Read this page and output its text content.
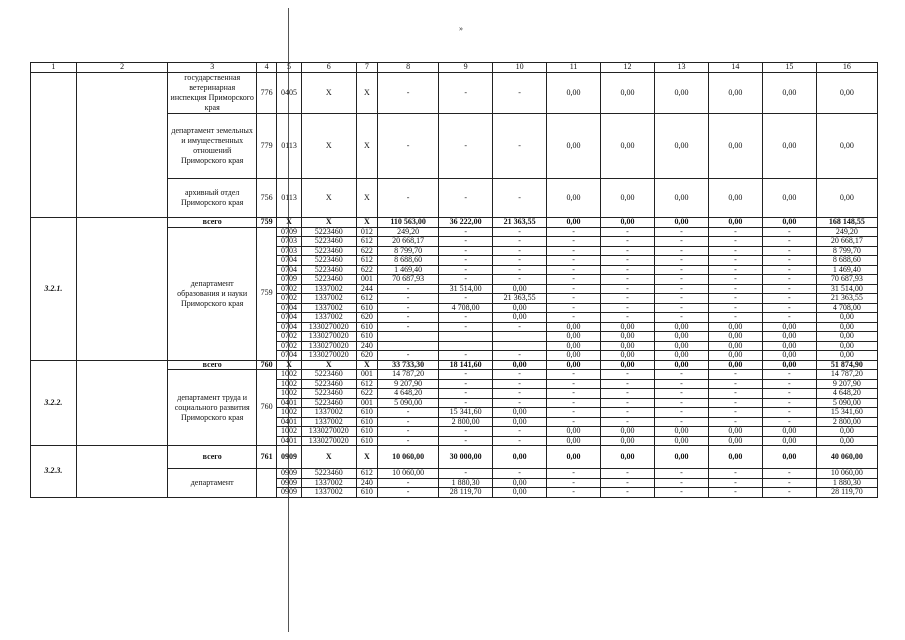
»
1	2	3	4	5	6	7	8	9	10	11	12	13	14	15	16
		государственная ветеринарная инспекция Приморского края	776	0405	X	X	-	-	-	0,00	0,00	0,00	0,00	0,00	0,00
		департамент земельных и имущественных отношений Приморского края	779	0113	X	X	-	-	-	0,00	0,00	0,00	0,00	0,00	0,00
		архивный отдел Приморского края	756	0113	X	X	-	-	-	0,00	0,00	0,00	0,00	0,00	0,00
3.2.1.		всего	759	X	X	X	110 563,00	36 222,00	21 363,55	0,00	0,00	0,00	0,00	0,00	168 148,55
		департамент образования и науки Приморского края	759	0709	5223460	012	249,20	-	-	-	-	-	-	-	249,20
				0703	5223460	612	20 668,17	-	-	-	-	-	-	-	20 668,17
				0703	5223460	622	8 799,70	-	-	-	-	-	-	-	8 799,70
				0704	5223460	612	8 688,60	-	-	-	-	-	-	-	8 688,60
				0704	5223460	622	1 469,40	-	-	-	-	-	-	-	1 469,40
				0709	5223460	001	70 687,93	-	-	-	-	-	-	-	70 687,93
				0702	1337002	244	-	31 514,00	0,00	-	-	-	-	-	31 514,00
				0702	1337002	612	-	-	21 363,55	-	-	-	-	-	21 363,55
				0704	1337002	610	-	4 708,00	0,00	-	-	-	-	-	4 708,00
				0704	1337002	620	-	-	0,00	-	-	-	-	-	0,00
				0704	1330270020	610	-	-	-	0,00	0,00	0,00	0,00	0,00	0,00
				0702	1330270020	610				0,00	0,00	0,00	0,00	0,00	0,00
				0702	1330270020	240				0,00	0,00	0,00	0,00	0,00	0,00
				0704	1330270020	620	-	-	-	0,00	0,00	0,00	0,00	0,00	0,00
3.2.2.		всего	760	X	X	X	33 733,30	18 141,60	0,00	0,00	0,00	0,00	0,00	0,00	51 874,90
		департамент труда и социального развития Приморского края	760	1002	5223460	001	14 787,20	-	-	-	-	-	-	-	14 787,20
				1002	5223460	612	9 207,90	-	-	-	-	-	-	-	9 207,90
				1002	5223460	622	4 648,20	-	-	-	-	-	-	-	4 648,20
				0401	5223460	001	5 090,00	-	-	-	-	-	-	-	5 090,00
				1002	1337002	610	-	15 341,60	0,00	-	-	-	-	-	15 341,60
				0401	1337002	610	-	2 800,00	0,00	-	-	-	-	-	2 800,00
				1002	1330270020	610	-	-	-	0,00	0,00	0,00	0,00	0,00	0,00
				0401	1330270020	610	-	-	-	0,00	0,00	0,00	0,00	0,00	0,00
3.2.3.		всего	761	0909	X	X	10 060,00	30 000,00	0,00	0,00	0,00	0,00	0,00	0,00	40 060,00
		департамент		0909	5223460	612	10 060,00	-	-	-	-	-	-	-	10 060,00
				0909	1337002	240	-	1 880,30	0,00	-	-	-	-	-	1 880,30
				0909	1337002	610	-	28 119,70	0,00	-	-	-	-	-	28 119,70
